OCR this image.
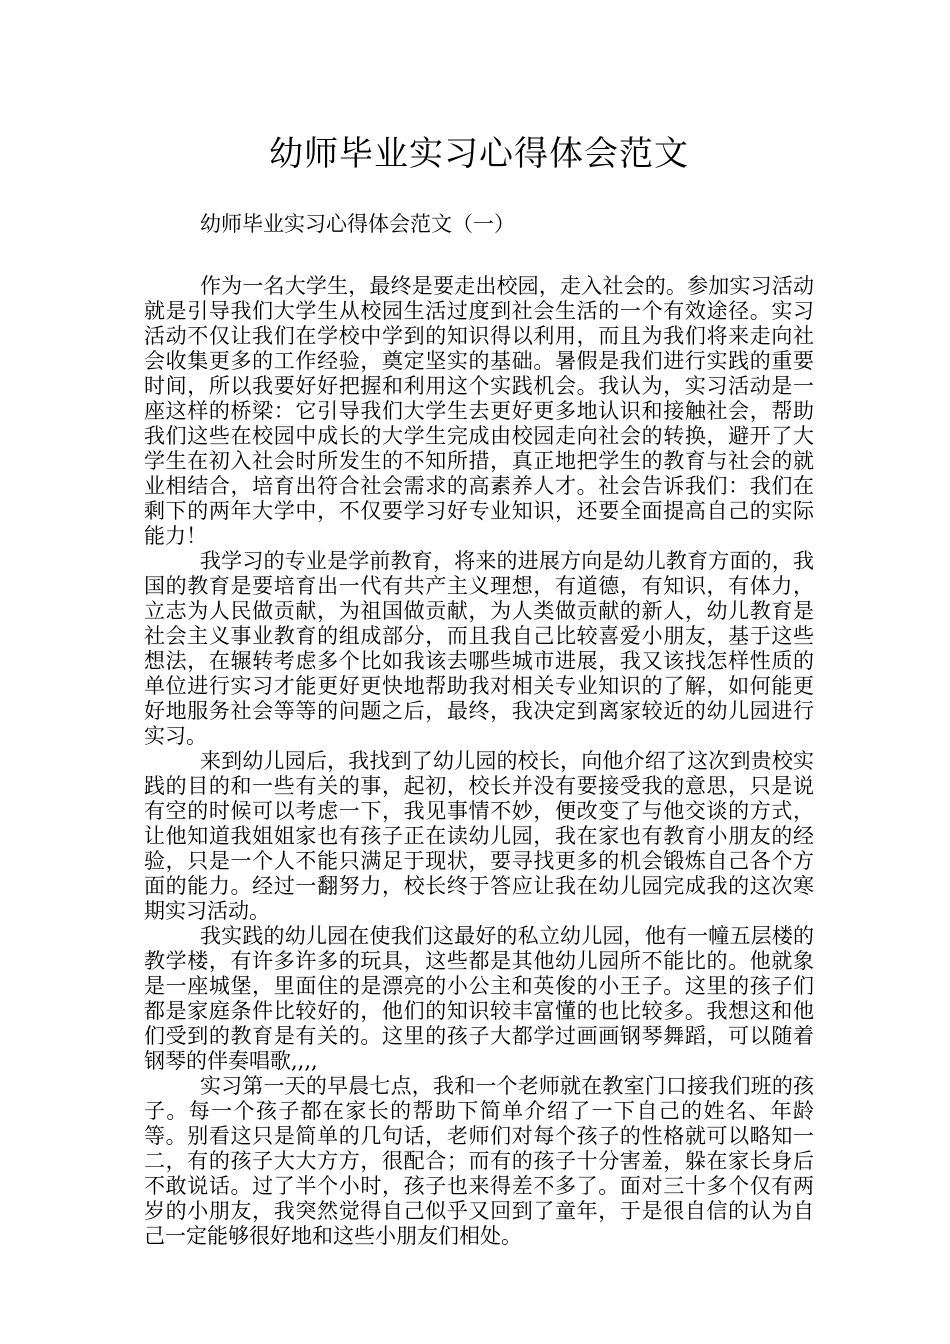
幼师毕业实习心得体会范文

幼师毕业实习心得体会范文（一）

作为一名大学生，最终是要走出校园，走入社会的。参加实习活动就是引导我们大学生从校园生活过度到社会生活的一个有效途径。实习活动不仅让我们在学校中学到的知识得以利用，而且为我们将来走向社会收集更多的工作经验，奠定坚实的基础。暑假是我们进行实践的重要时间，所以我要好好把握和利用这个实践机会。我认为，实习活动是一座这样的桥梁：它引导我们大学生去更好更多地认识和接触社会，帮助我们这些在校园中成长的大学生完成由校园走向社会的转换，避开了大学生在初入社会时所发生的不知所措，真正地把学生的教育与社会的就业相结合，培育出符合社会需求的高素养人才。社会告诉我们：我们在剩下的两年大学中，不仅要学习好专业知识，还要全面提高自己的实际能力！

我学习的专业是学前教育，将来的进展方向是幼儿教育方面的，我国的教育是要培育出一代有共产主义理想，有道德，有知识，有体力，立志为人民做贡献，为祖国做贡献，为人类做贡献的新人，幼儿教育是社会主义事业教育的组成部分，而且我自己比较喜爱小朋友，基于这些想法，在辗转考虑多个比如我该去哪些城市进展，我又该找怎样性质的单位进行实习才能更好更快地帮助我对相关专业知识的了解，如何能更好地服务社会等等的问题之后，最终，我决定到离家较近的幼儿园进行实习。

来到幼儿园后，我找到了幼儿园的校长，向他介绍了这次到贵校实践的目的和一些有关的事，起初，校长并没有要接受我的意思，只是说有空的时候可以考虑一下，我见事情不妙，便改变了与他交谈的方式，让他知道我姐姐家也有孩子正在读幼儿园，我在家也有教育小朋友的经验，只是一个人不能只满足于现状，要寻找更多的机会锻炼自己各个方面的能力。经过一翻努力，校长终于答应让我在幼儿园完成我的这次寒期实习活动。

我实践的幼儿园在使我们这最好的私立幼儿园，他有一幢五层楼的教学楼，有许多许多的玩具，这些都是其他幼儿园所不能比的。他就象是一座城堡，里面住的是漂亮的小公主和英俊的小王子。这里的孩子们都是家庭条件比较好的，他们的知识较丰富懂的也比较多。我想这和他们受到的教育是有关的。这里的孩子大都学过画画钢琴舞蹈，可以随着钢琴的伴奏唱歌,,,,

实习第一天的早晨七点，我和一个老师就在教室门口接我们班的孩子。每一个孩子都在家长的帮助下简单介绍了一下自己的姓名、年龄等。别看这只是简单的几句话，老师们对每个孩子的性格就可以略知一二，有的孩子大大方方，很配合；而有的孩子十分害羞，躲在家长身后不敢说话。过了半个小时，孩子也来得差不多了。面对三十多个仅有两岁的小朋友，我突然觉得自己似乎又回到了童年，于是很自信的认为自己一定能够很好地和这些小朋友们相处。
